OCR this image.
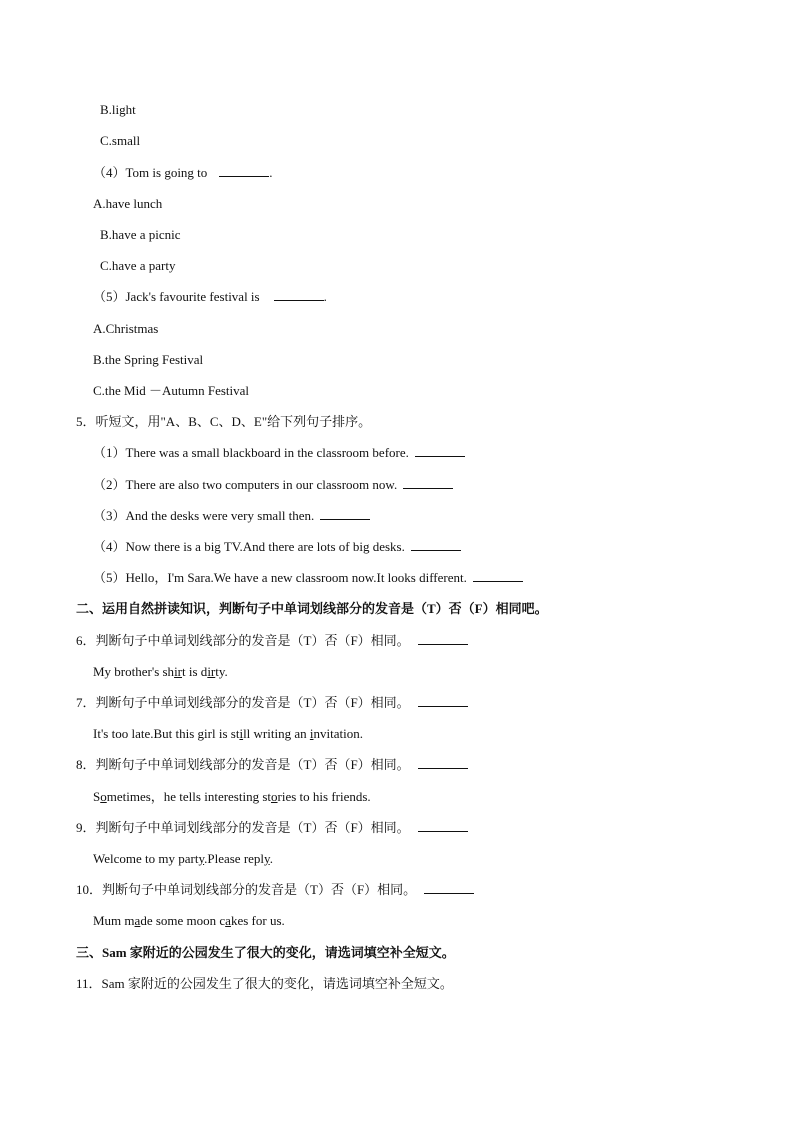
B.light
C.small
（4）Tom is going to	.
A.have lunch
B.have a picnic
C.have a party
（5）Jack's favourite festival is	.
A.Christmas
B.the Spring Festival
C.the Mid －Autumn Festival
5．听短文，用"A、B、C、D、E"给下列句子排序。
（1）There was a small blackboard in the classroom before.
（2）There are also two computers in our classroom now.
（3）And the desks were very small then.
（4）Now there is a big TV.And there are lots of big desks.
（5）Hello，I'm Sara.We have a new classroom now.It looks different.
二、运用自然拼读知识，判断句子中单词划线部分的发音是（T）否（F）相同吧。
6．判断句子中单词划线部分的发音是（T）否（F）相同。
My brother's shirt is dirty.
7．判断句子中单词划线部分的发音是（T）否（F）相同。
It's too late.But this girl is still writing an invitation.
8．判断句子中单词划线部分的发音是（T）否（F）相同。
Sometimes，he tells interesting stories to his friends.
9．判断句子中单词划线部分的发音是（T）否（F）相同。
Welcome to my party.Please reply.
10．判断句子中单词划线部分的发音是（T）否（F）相同。
Mum made some moon cakes for us.
三、Sam 家附近的公园发生了很大的变化，请选词填空补全短文。
11．Sam 家附近的公园发生了很大的变化，请选词填空补全短文。
